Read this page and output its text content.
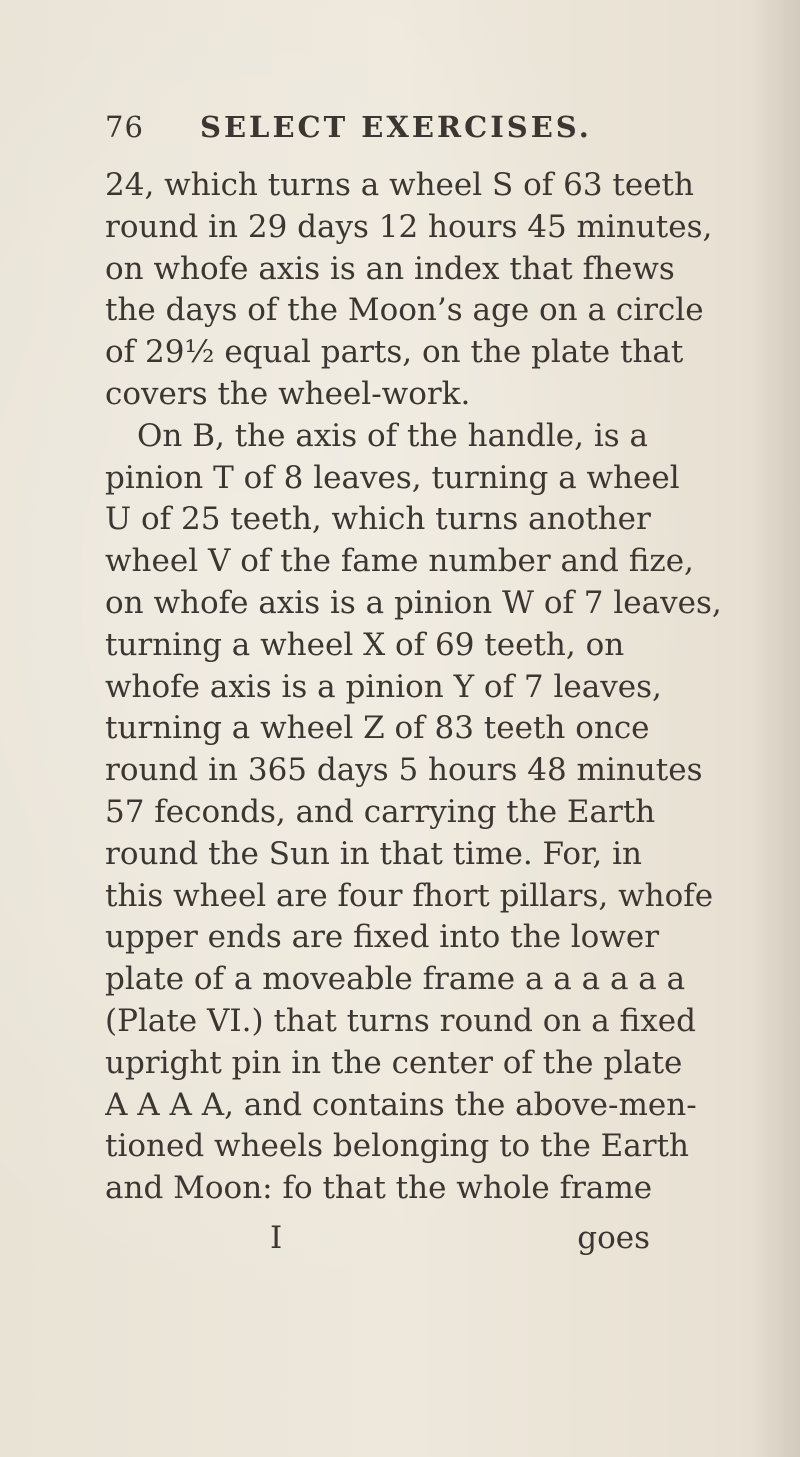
76 SELECT EXERCISES.
24, which turns a wheel S of 63 teeth
round in 29 days 12 hours 45 minutes,
on whofe axis is an index that fhews
the days of the Moon’s age on a circle
of 29½ equal parts, on the plate that
covers the wheel-work.
On B, the axis of the handle, is a
pinion T of 8 leaves, turning a wheel
U of 25 teeth, which turns another
wheel V of the fame number and fize,
on whofe axis is a pinion W of 7 leaves,
turning a wheel X of 69 teeth, on
whofe axis is a pinion Y of 7 leaves,
turning a wheel Z of 83 teeth once
round in 365 days 5 hours 48 minutes
57 feconds, and carrying the Earth
round the Sun in that time. For, in
this wheel are four fhort pillars, whofe
upper ends are fixed into the lower
plate of a moveable frame a a a a a a
(Plate VI.) that turns round on a fixed
upright pin in the center of the plate
A A A A, and contains the above-men-
tioned wheels belonging to the Earth
and Moon: fo that the whole frame
I	goes
